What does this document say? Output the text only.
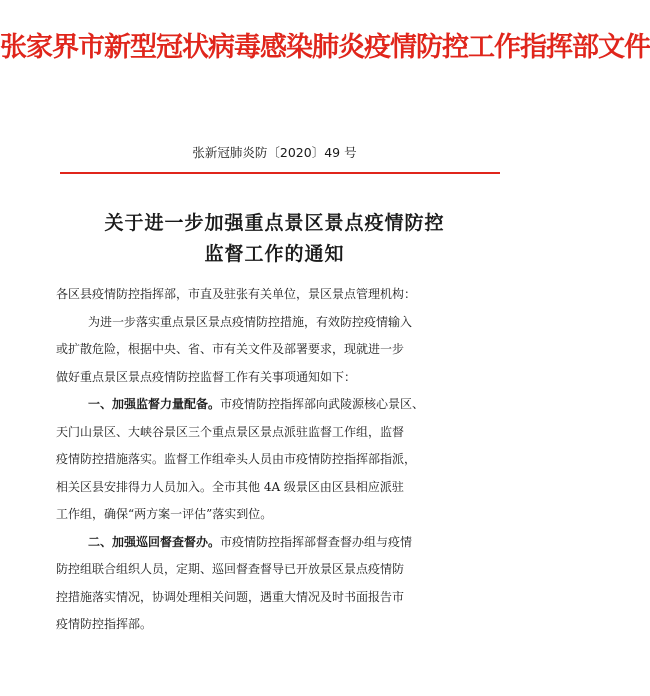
张家界市新型冠状病毒感染肺炎疫情防控工作指挥部文件
张新冠肺炎防〔2020〕49 号
关于进一步加强重点景区景点疫情防控
监督工作的通知
各区县疫情防控指挥部，市直及驻张有关单位，景区景点管理机构：
为进一步落实重点景区景点疫情防控措施，有效防控疫情输入
或扩散危险，根据中央、省、市有关文件及部署要求，现就进一步
做好重点景区景点疫情防控监督工作有关事项通知如下：
一、加强监督力量配备。市疫情防控指挥部向武陵源核心景区、
天门山景区、大峡谷景区三个重点景区景点派驻监督工作组，监督
疫情防控措施落实。监督工作组牵头人员由市疫情防控指挥部指派，
相关区县安排得力人员加入。全市其他 4A 级景区由区县相应派驻
工作组，确保“两方案一评估”落实到位。
二、加强巡回督查督办。市疫情防控指挥部督查督办组与疫情
防控组联合组织人员，定期、巡回督查督导已开放景区景点疫情防
控措施落实情况，协调处理相关问题，遇重大情况及时书面报告市
疫情防控指挥部。
